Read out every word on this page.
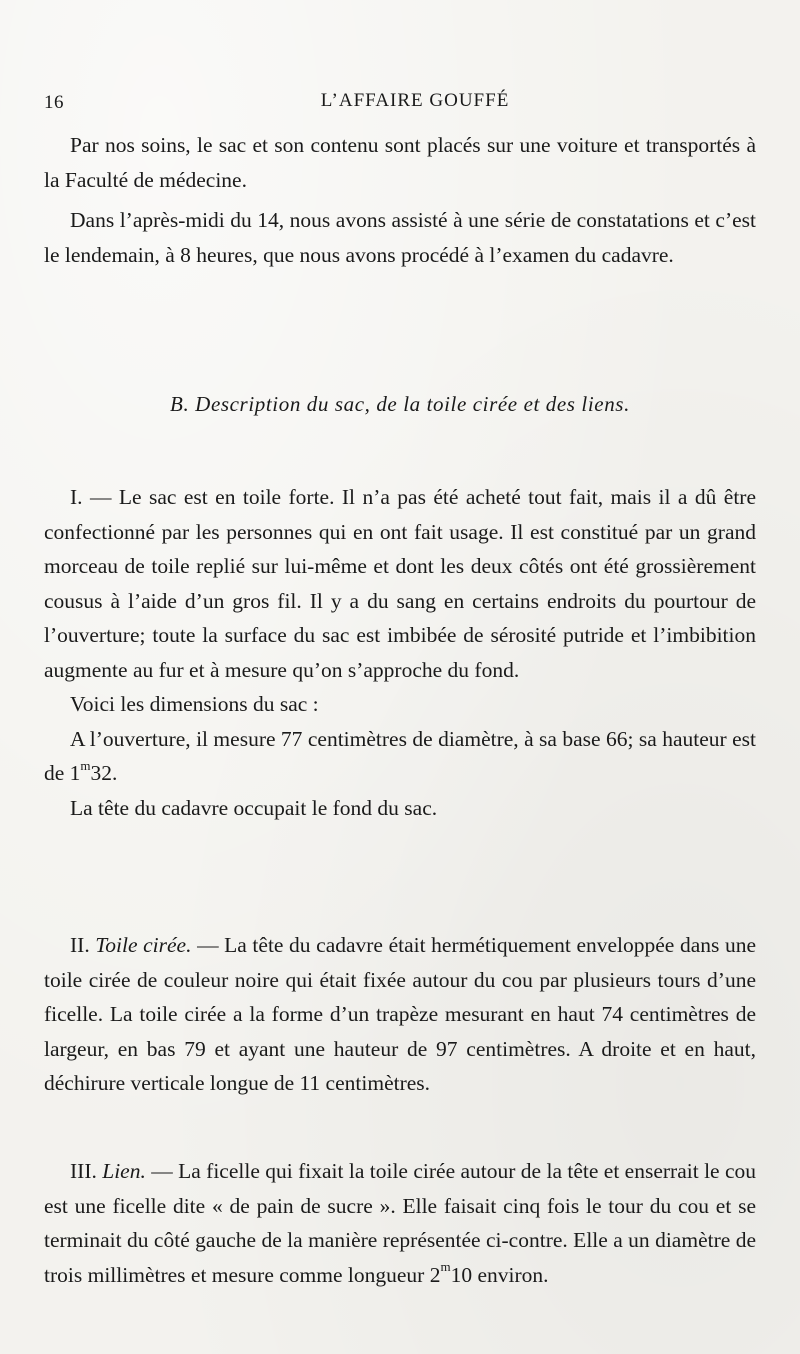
16	L’AFFAIRE GOUFFÉ

Par nos soins, le sac et son contenu sont placés sur une voiture et transportés à la Faculté de médecine.

Dans l’après-midi du 14, nous avons assisté à une série de constatations et c’est le lendemain, à 8 heures, que nous avons procédé à l’examen du cadavre.

B. Description du sac, de la toile cirée et des liens.

I. — Le sac est en toile forte. Il n’a pas été acheté tout fait, mais il a dû être confectionné par les personnes qui en ont fait usage. Il est constitué par un grand morceau de toile replié sur lui-même et dont les deux côtés ont été grossièrement cousus à l’aide d’un gros fil. Il y a du sang en certains endroits du pourtour de l’ouverture; toute la surface du sac est imbibée de sérosité putride et l’imbibition augmente au fur et à mesure qu’on s’approche du fond.

Voici les dimensions du sac :

A l’ouverture, il mesure 77 centimètres de diamètre, à sa base 66; sa hauteur est de 1$^m$32.

La tête du cadavre occupait le fond du sac.

II. Toile cirée. — La tête du cadavre était hermétiquement enveloppée dans une toile cirée de couleur noire qui était fixée autour du cou par plusieurs tours d’une ficelle. La toile cirée a la forme d’un trapèze mesurant en haut 74 centimètres de largeur, en bas 79 et ayant une hauteur de 97 centimètres. A droite et en haut, déchirure verticale longue de 11 centimètres.

III. Lien. — La ficelle qui fixait la toile cirée autour de la tête et enserrait le cou est une ficelle dite « de pain de sucre ». Elle faisait cinq fois le tour du cou et se terminait du côté gauche de la manière représentée ci-contre. Elle a un diamètre de trois millimètres et mesure comme longueur 2$^m$10 environ.
